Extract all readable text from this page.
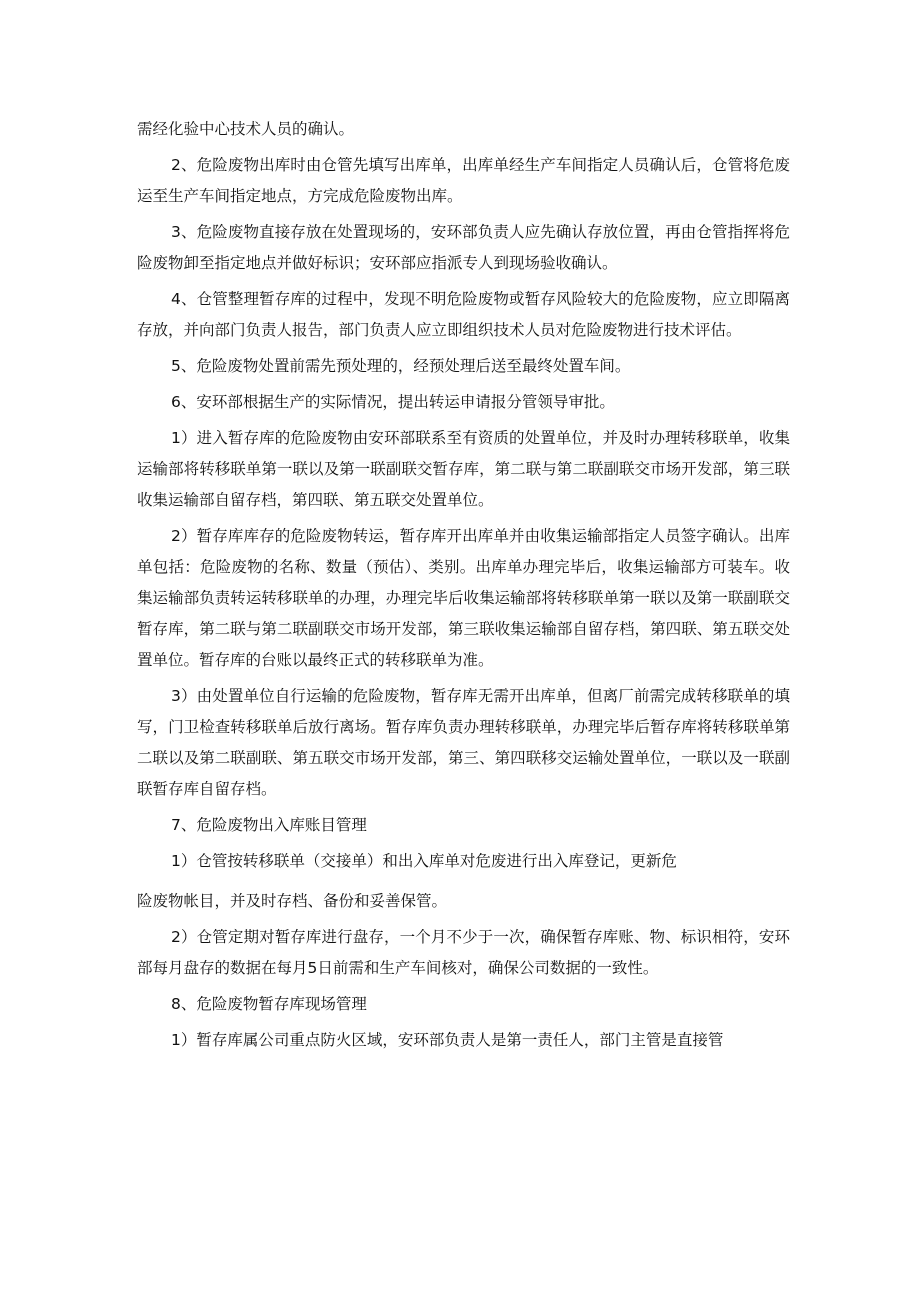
需经化验中心技术人员的确认。

2、危险废物出库时由仓管先填写出库单，出库单经生产车间指定人员确认后，仓管将危废运至生产车间指定地点，方完成危险废物出库。

3、危险废物直接存放在处置现场的，安环部负责人应先确认存放位置，再由仓管指挥将危险废物卸至指定地点并做好标识；安环部应指派专人到现场验收确认。

4、仓管整理暂存库的过程中，发现不明危险废物或暂存风险较大的危险废物，应立即隔离存放，并向部门负责人报告，部门负责人应立即组织技术人员对危险废物进行技术评估。

5、危险废物处置前需先预处理的，经预处理后送至最终处置车间。

6、安环部根据生产的实际情况，提出转运申请报分管领导审批。

1）进入暂存库的危险废物由安环部联系至有资质的处置单位，并及时办理转移联单，收集运输部将转移联单第一联以及第一联副联交暂存库，第二联与第二联副联交市场开发部，第三联收集运输部自留存档，第四联、第五联交处置单位。

2）暂存库库存的危险废物转运，暂存库开出库单并由收集运输部指定人员签字确认。出库单包括：危险废物的名称、数量（预估）、类别。出库单办理完毕后，收集运输部方可装车。收集运输部负责转运转移联单的办理，办理完毕后收集运输部将转移联单第一联以及第一联副联交暂存库，第二联与第二联副联交市场开发部，第三联收集运输部自留存档，第四联、第五联交处置单位。暂存库的台账以最终正式的转移联单为准。

3）由处置单位自行运输的危险废物，暂存库无需开出库单，但离厂前需完成转移联单的填写，门卫检查转移联单后放行离场。暂存库负责办理转移联单，办理完毕后暂存库将转移联单第二联以及第二联副联、第五联交市场开发部，第三、第四联移交运输处置单位，一联以及一联副联暂存库自留存档。

7、危险废物出入库账目管理

1）仓管按转移联单（交接单）和出入库单对危废进行出入库登记，更新危

险废物帐目，并及时存档、备份和妥善保管。

2）仓管定期对暂存库进行盘存，一个月不少于一次，确保暂存库账、物、标识相符，安环部每月盘存的数据在每月5日前需和生产车间核对，确保公司数据的一致性。

8、危险废物暂存库现场管理

1）暂存库属公司重点防火区域，安环部负责人是第一责任人，部门主管是直接管
